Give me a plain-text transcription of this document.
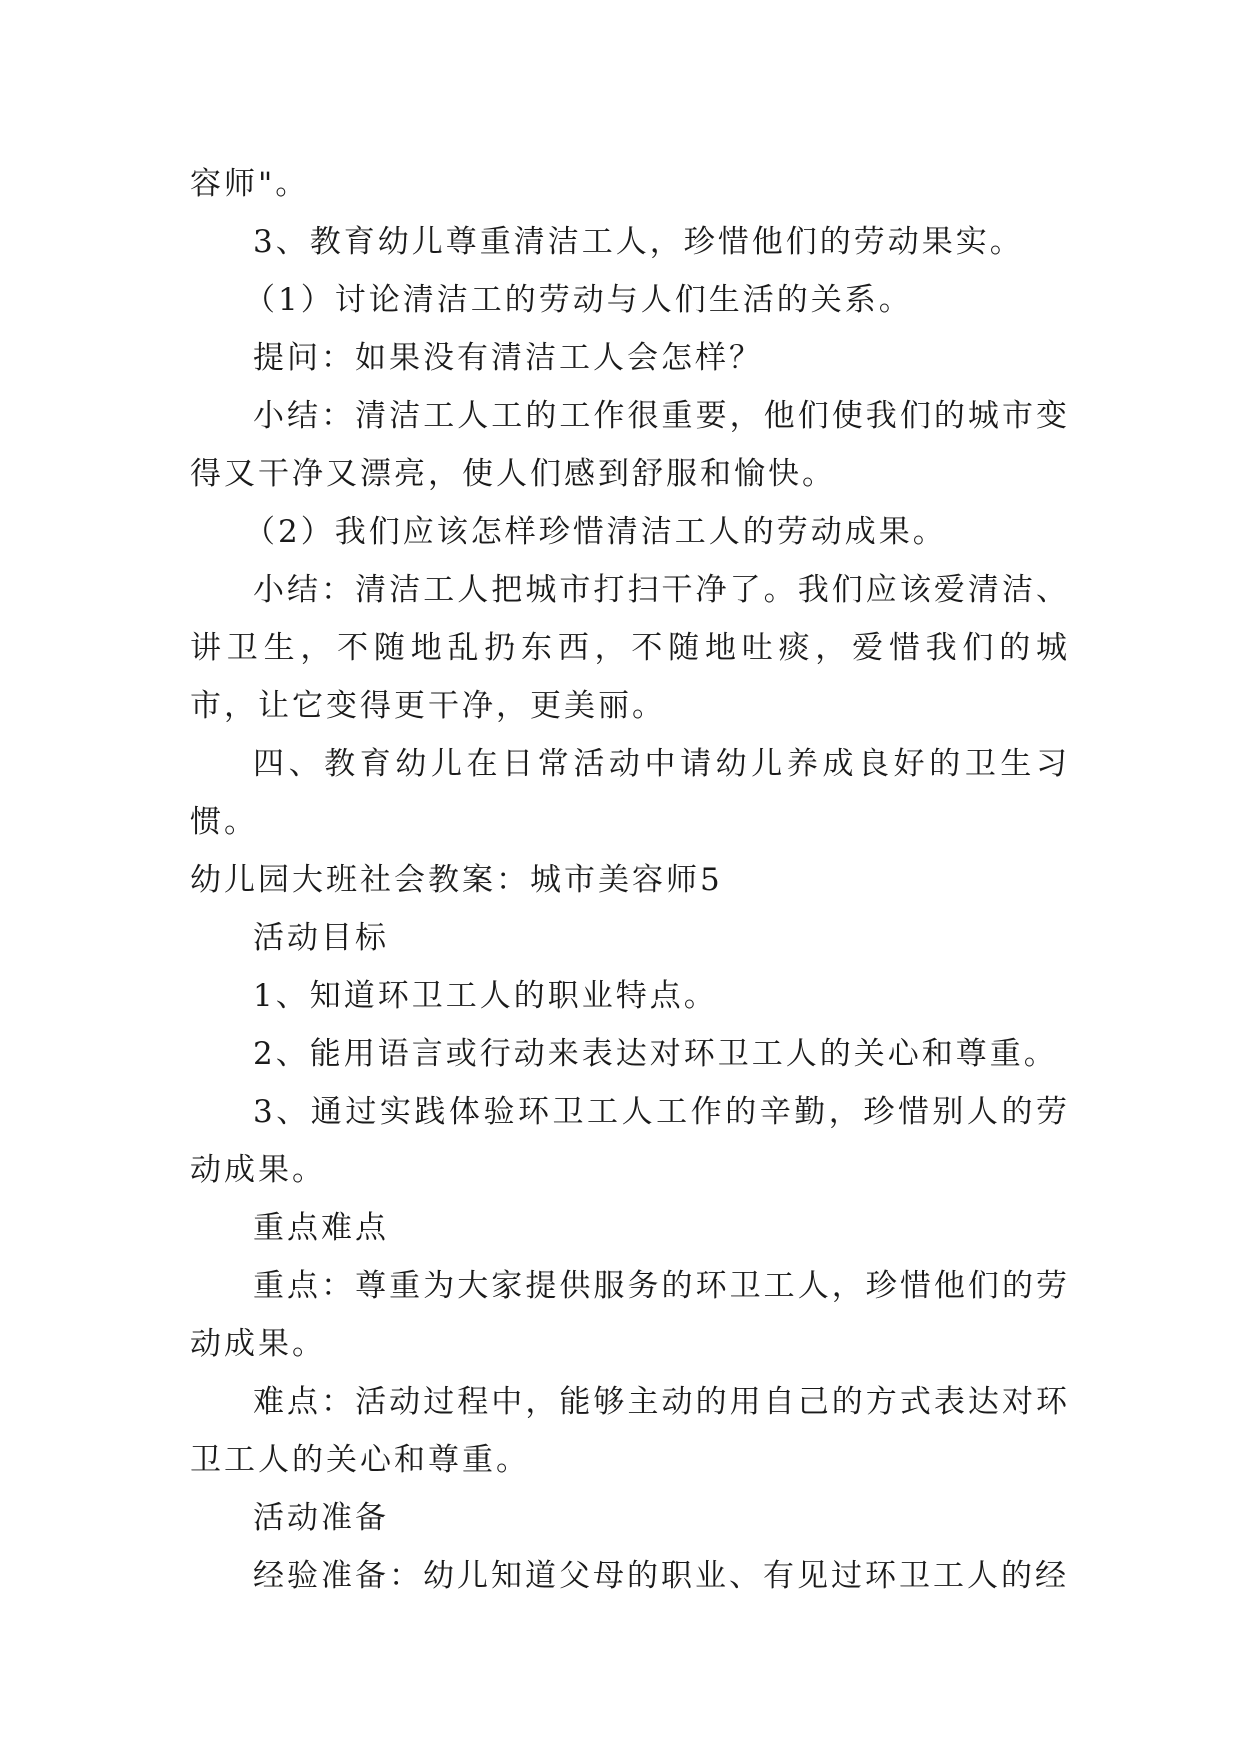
容师"。

3、教育幼儿尊重清洁工人，珍惜他们的劳动果实。

（1）讨论清洁工的劳动与人们生活的关系。

提问：如果没有清洁工人会怎样？

小结：清洁工人工的工作很重要，他们使我们的城市变得又干净又漂亮，使人们感到舒服和愉快。

（2）我们应该怎样珍惜清洁工人的劳动成果。

小结：清洁工人把城市打扫干净了。我们应该爱清洁、讲卫生，不随地乱扔东西，不随地吐痰，爱惜我们的城市，让它变得更干净，更美丽。

四、教育幼儿在日常活动中请幼儿养成良好的卫生习惯。

幼儿园大班社会教案：城市美容师5

活动目标

1、知道环卫工人的职业特点。

2、能用语言或行动来表达对环卫工人的关心和尊重。

3、通过实践体验环卫工人工作的辛勤，珍惜别人的劳动成果。

重点难点

重点：尊重为大家提供服务的环卫工人，珍惜他们的劳动成果。

难点：活动过程中，能够主动的用自己的方式表达对环卫工人的关心和尊重。

活动准备

经验准备：幼儿知道父母的职业、有见过环卫工人的经
